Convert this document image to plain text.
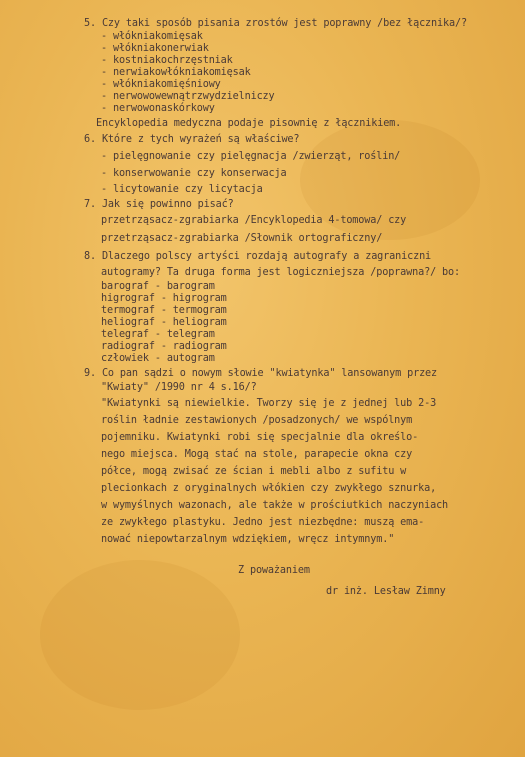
5. Czy taki sposób pisania zrostów jest poprawny /bez łącznika/?
- włókniakomięsak
- włókniakonerwiak
- kostniakochrzęstniak
- nerwiakowłókniakomięsak
- włókniakomięśniowy
- nerwowowewnątrzwydzielniczy
- nerwowonaskórkowy
Encyklopedia medyczna podaje pisownię z łącznikiem.
6. Które z tych wyrażeń są właściwe?
- pielęgnowanie czy pielęgnacja /zwierząt, roślin/
- konserwowanie czy konserwacja
- licytowanie czy licytacja
7. Jak się powinno pisać?
przetrząsacz-zgrabiarka /Encyklopedia 4-tomowa/ czy
przetrząsacz-zgrabiarka /Słownik ortograficzny/
8. Dlaczego polscy artyści rozdają autografy a zagraniczni
autogramy? Ta druga forma jest logiczniejsza /poprawna?/ bo:
barograf - barogram
higrograf - higrogram
termograf - termogram
heliograf - heliogram
telegraf - telegram
radiograf - radiogram
człowiek - autogram
9. Co pan sądzi o nowym słowie "kwiatynka" lansowanym przez
"Kwiaty" /1990 nr 4 s.16/?
"Kwiatynki są niewielkie. Tworzy się je z jednej lub 2-3
roślin ładnie zestawionych /posadzonych/ we wspólnym
pojemniku. Kwiatynki robi się specjalnie dla określo-
nego miejsca. Mogą stać na stole, parapecie okna czy
półce, mogą zwisać ze ścian i mebli albo z sufitu w
plecionkach z oryginalnych włókien czy zwykłego sznurka,
w wymyślnych wazonach, ale także w prościutkich naczyniach
ze zwykłego plastyku. Jedno jest niezbędne: muszą ema-
nować niepowtarzalnym wdziękiem, wręcz intymnym."
Z poważaniem
dr inż. Lesław Zimny
